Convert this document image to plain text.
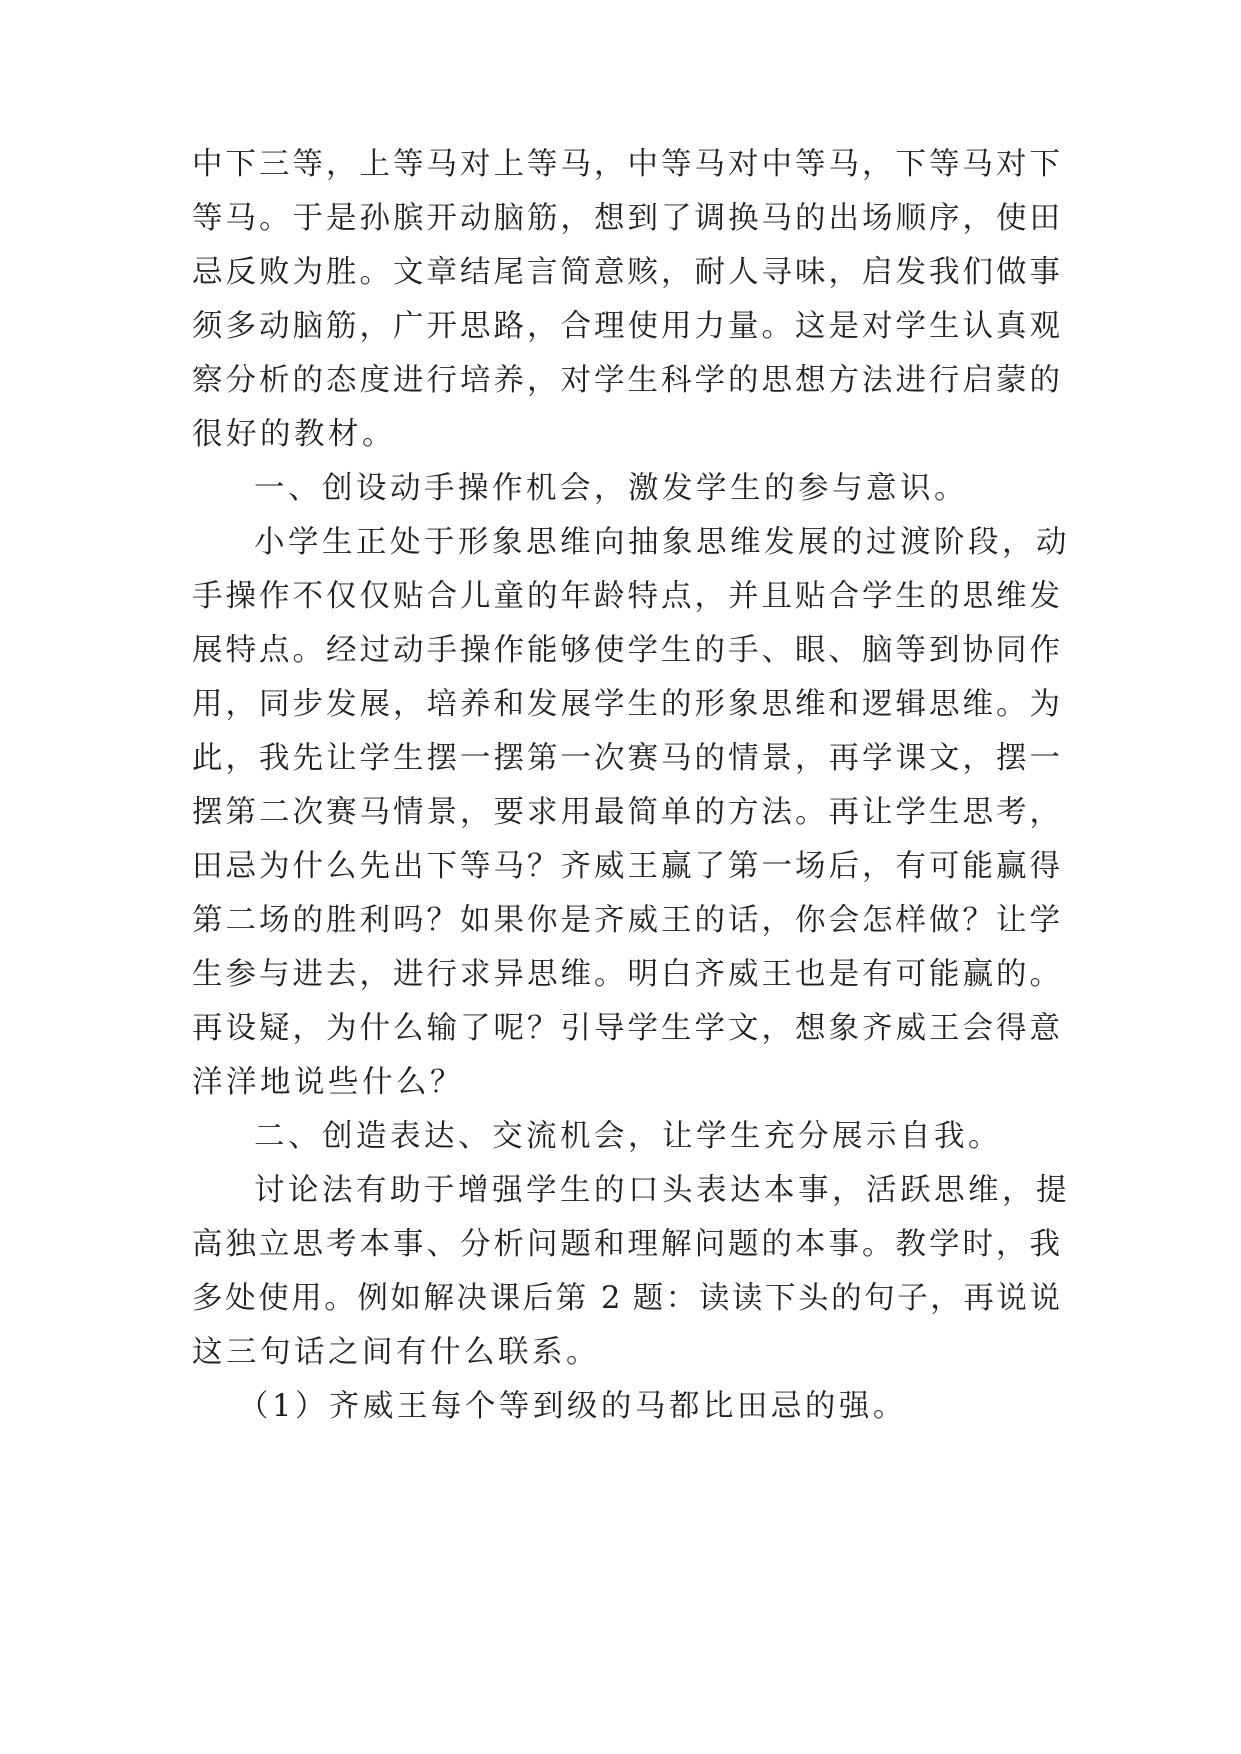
中下三等，上等马对上等马，中等马对中等马，下等马对下

等马。于是孙膑开动脑筋，想到了调换马的出场顺序，使田

忌反败为胜。文章结尾言简意赅，耐人寻味，启发我们做事

须多动脑筋，广开思路，合理使用力量。这是对学生认真观

察分析的态度进行培养，对学生科学的思想方法进行启蒙的

很好的教材。

一、创设动手操作机会，激发学生的参与意识。

小学生正处于形象思维向抽象思维发展的过渡阶段，动

手操作不仅仅贴合儿童的年龄特点，并且贴合学生的思维发

展特点。经过动手操作能够使学生的手、眼、脑等到协同作

用，同步发展，培养和发展学生的形象思维和逻辑思维。为

此，我先让学生摆一摆第一次赛马的情景，再学课文，摆一

摆第二次赛马情景，要求用最简单的方法。再让学生思考，

田忌为什么先出下等马？齐威王赢了第一场后，有可能赢得

第二场的胜利吗？如果你是齐威王的话，你会怎样做？让学

生参与进去，进行求异思维。明白齐威王也是有可能赢的。

再设疑，为什么输了呢？引导学生学文，想象齐威王会得意

洋洋地说些什么？

二、创造表达、交流机会，让学生充分展示自我。

讨论法有助于增强学生的口头表达本事，活跃思维，提

高独立思考本事、分析问题和理解问题的本事。教学时，我

多处使用。例如解决课后第 2 题：读读下头的句子，再说说

这三句话之间有什么联系。

（1）齐威王每个等到级的马都比田忌的强。
